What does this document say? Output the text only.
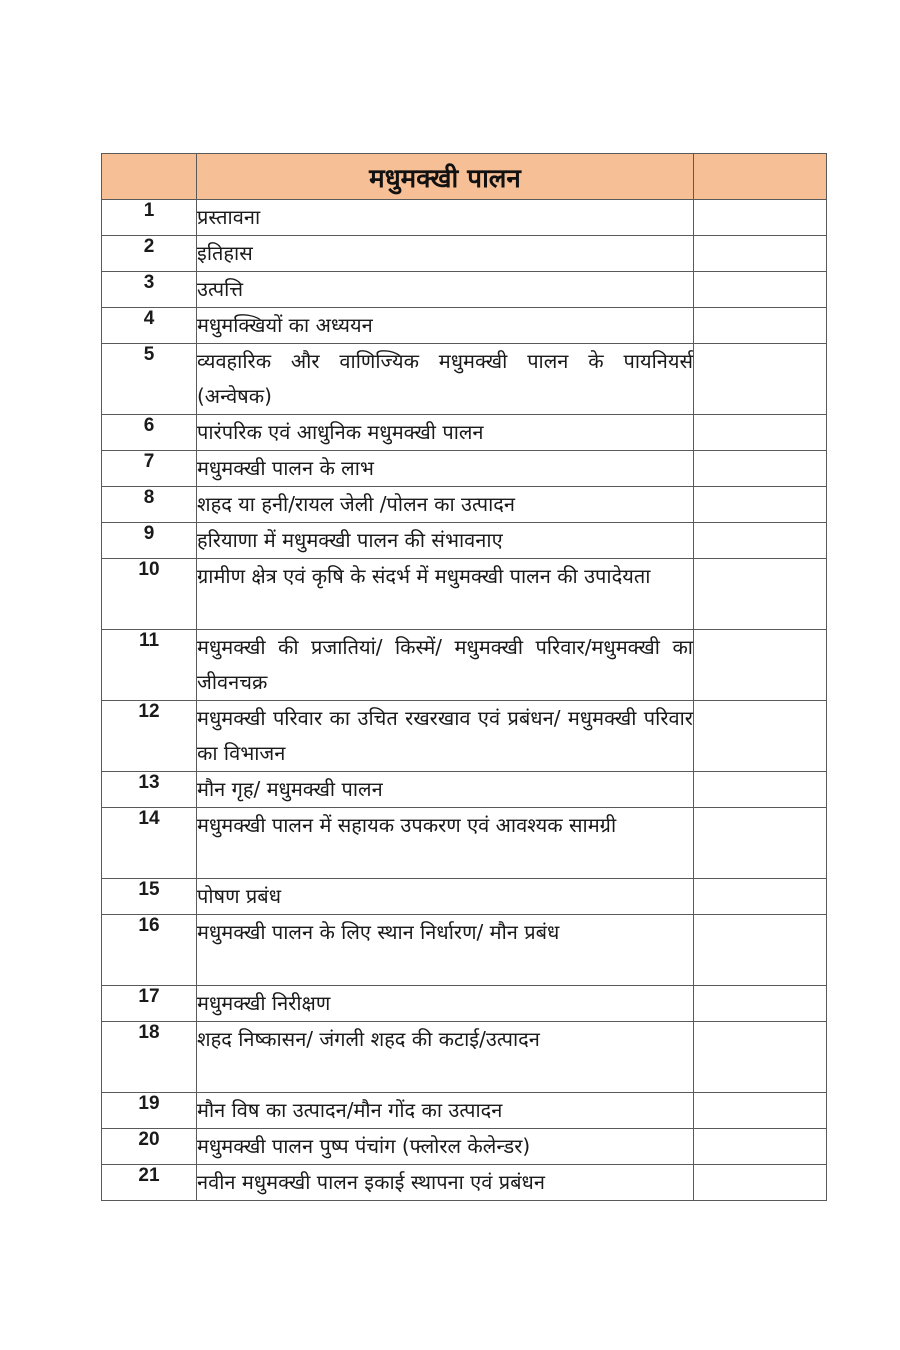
	मधुमक्खी पालन	
1	प्रस्तावना	
2	इतिहास	
3	उत्पत्ति	
4	मधुमक्खियों का अध्ययन	
5	व्यवहारिक और वाणिज्यिक मधुमक्खी पालन के पायनियर्स (अन्वेषक)	
6	पारंपरिक एवं आधुनिक मधुमक्खी पालन	
7	मधुमक्खी पालन के लाभ	
8	शहद या हनी/रायल जेली /पोलन का उत्पादन	
9	हरियाणा में मधुमक्खी पालन की संभावनाए	
10	ग्रामीण क्षेत्र एवं कृषि के संदर्भ में मधुमक्खी पालन की उपादेयता	
11	मधुमक्खी की प्रजातियां/ किस्में/ मधुमक्खी परिवार/मधुमक्खी का जीवनचक्र	
12	मधुमक्खी परिवार का उचित रखरखाव एवं प्रबंधन/ मधुमक्खी परिवार का विभाजन	
13	मौन गृह/ मधुमक्खी पालन	
14	मधुमक्खी पालन में सहायक उपकरण एवं आवश्यक सामग्री	
15	पोषण प्रबंध	
16	मधुमक्खी पालन के लिए स्थान निर्धारण/ मौन प्रबंध	
17	मधुमक्खी निरीक्षण	
18	शहद निष्कासन/ जंगली शहद की कटाई/उत्पादन	
19	मौन विष का उत्पादन/मौन गोंद का उत्पादन	
20	मधुमक्खी पालन पुष्प पंचांग (फ्लोरल केलेन्डर)	
21	नवीन मधुमक्खी पालन इकाई स्थापना एवं प्रबंधन	
